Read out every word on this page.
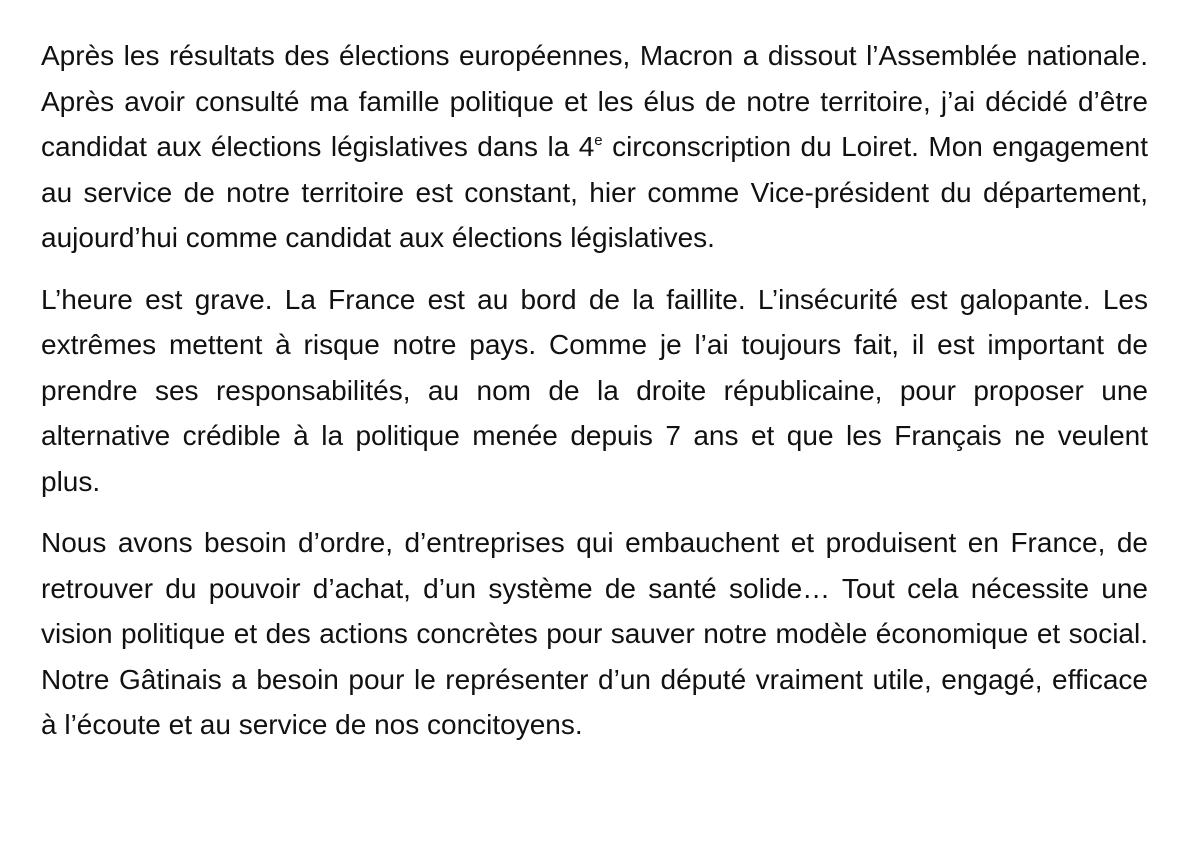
Après les résultats des élections européennes, Macron a dissout l’Assemblée nationale. Après avoir consulté ma famille politique et les élus de notre territoire, j’ai décidé d’être candidat aux élections législatives dans la 4e circonscription du Loiret. Mon engagement au service de notre territoire est constant, hier comme Vice-président du département, aujourd’hui comme candidat aux élections législatives.

L’heure est grave. La France est au bord de la faillite. L’insécurité est galopante. Les extrêmes mettent à risque notre pays. Comme je l’ai toujours fait, il est important de prendre ses responsabilités, au nom de la droite républicaine, pour proposer une alternative crédible à la politique menée depuis 7 ans et que les Français ne veulent plus.

Nous avons besoin d’ordre, d’entreprises qui embauchent et produisent en France, de retrouver du pouvoir d’achat, d’un système de santé solide… Tout cela nécessite une vision politique et des actions concrètes pour sauver notre modèle économique et social. Notre Gâtinais a besoin pour le représenter d’un député vraiment utile, engagé, efficace à l’écoute et au service de nos concitoyens.
